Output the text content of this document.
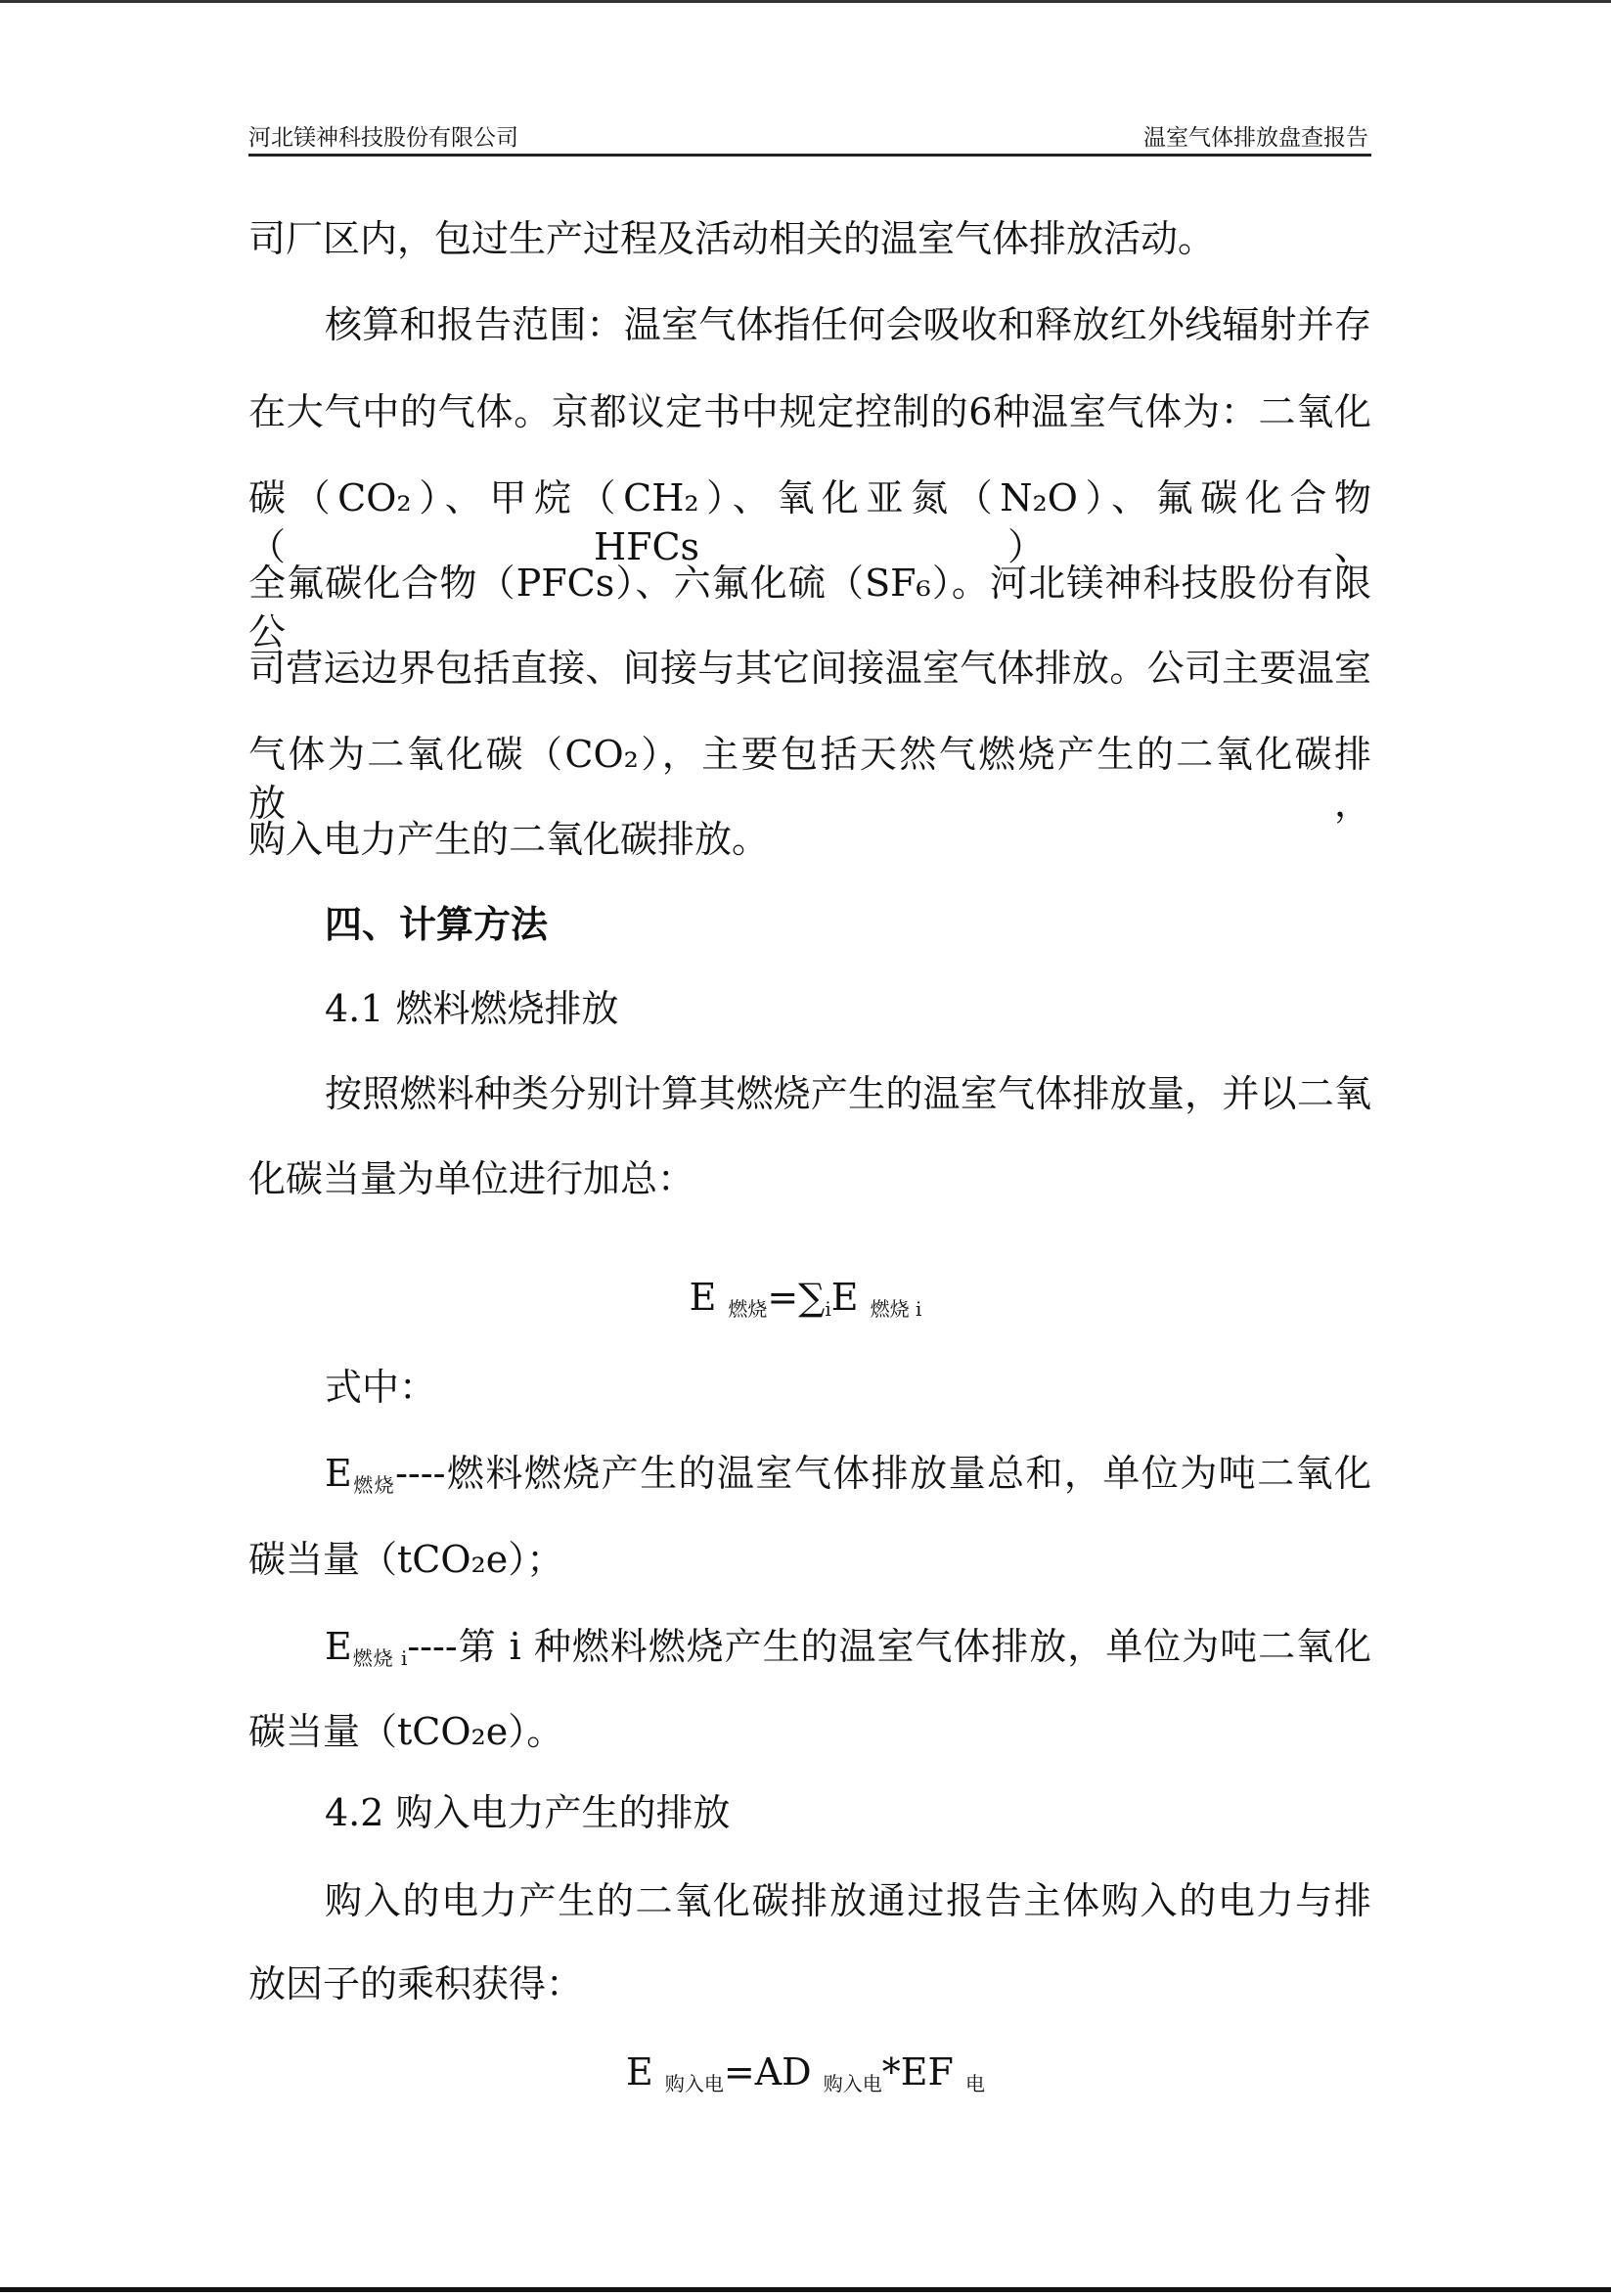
河北镁神科技股份有限公司	温室气体排放盘查报告
司厂区内，包过生产过程及活动相关的温室气体排放活动。
核算和报告范围：温室气体指任何会吸收和释放红外线辐射并存
在大气中的气体。京都议定书中规定控制的6种温室气体为：二氧化
碳（CO₂）、甲烷（CH₂）、氧化亚氮（N₂O）、氟碳化合物（HFCs）、
全氟碳化合物（PFCs）、六氟化硫（SF₆）。河北镁神科技股份有限公
司营运边界包括直接、间接与其它间接温室气体排放。公司主要温室
气体为二氧化碳（CO₂），主要包括天然气燃烧产生的二氧化碳排放，
购入电力产生的二氧化碳排放。
四、计算方法
4.1 燃料燃烧排放
按照燃料种类分别计算其燃烧产生的温室气体排放量，并以二氧
化碳当量为单位进行加总：
E $_{燃烧}=\sum_iE$ $_{燃烧 i}$
式中：
$E_{燃烧}----$燃料燃烧产生的温室气体排放量总和，单位为吨二氧化
碳当量（tCO₂e）；
$E_{燃烧 i}----$第 i 种燃料燃烧产生的温室气体排放，单位为吨二氧化
碳当量（tCO₂e）。
4.2 购入电力产生的排放
购入的电力产生的二氧化碳排放通过报告主体购入的电力与排
放因子的乘积获得：
E $_{购入电}$=AD $_{购入电}$*EF $_电$
